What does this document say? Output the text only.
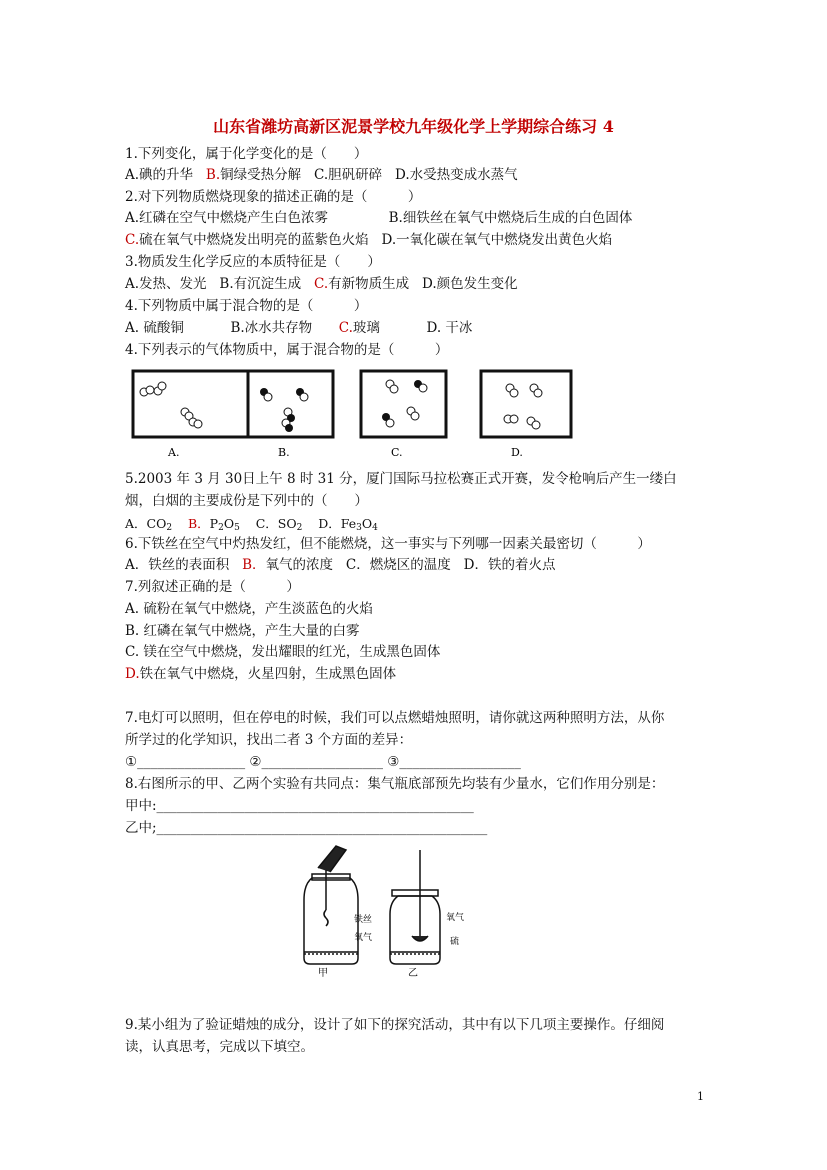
山东省潍坊高新区泥景学校九年级化学上学期综合练习 4
1.下列变化，属于化学变化的是（　　）
A.碘的升华 B.铜绿受热分解 C.胆矾研碎 D.水受热变成水蒸气
2.对下列物质燃烧现象的描述正确的是（　　　）
A.红磷在空气中燃烧产生白色浓雾	B.细铁丝在氧气中燃烧后生成的白色固体
C.硫在氧气中燃烧发出明亮的蓝紫色火焰 D.一氧化碳在氧气中燃烧发出黄色火焰
3.物质发生化学反应的本质特征是（　　）
A.发热、发光 B.有沉淀生成 C.有新物质生成 D.颜色发生变化
4.下列物质中属于混合物的是（　　　）
A. 硫酸铜	B.冰水共存物 C.玻璃	D. 干冰
4.下列表示的气体物质中，属于混合物的是（　　　）
A.	B.	C.	D.
5.2003 年 3 月 30日上午 8 时 31 分，厦门国际马拉松赛正式开赛，发令枪响后产生一缕白
烟，白烟的主要成份是下列中的（　　）
A．$CO_2$ B．$P_2O_5$ C．$SO_2$ D．$Fe_3O_4$
6.下铁丝在空气中灼热发红，但不能燃烧，这一事实与下列哪一因素关最密切（　　　）
A．铁丝的表面积 B．氧气的浓度 C．燃烧区的温度 D．铁的着火点
7.列叙述正确的是（　　　）
A. 硫粉在氧气中燃烧，产生淡蓝色的火焰
B. 红磷在氧气中燃烧，产生大量的白雾
C. 镁在空气中燃烧，发出耀眼的红光，生成黑色固体
D.铁在氧气中燃烧，火星四射，生成黑色固体
7.电灯可以照明，但在停电的时候，我们可以点燃蜡烛照明，请你就这两种照明方法，从你
所学过的化学知识，找出二者 3 个方面的差异：
①________________ ②__________________ ③__________________
8.右图所示的甲、乙两个实验有共同点：集气瓶底部预先均装有少量水，它们作用分别是：
甲中:_______________________________________________
乙中;_________________________________________________
铁丝
氧气
甲
氧气
硫
乙
9.某小组为了验证蜡烛的成分，设计了如下的探究活动，其中有以下几项主要操作。仔细阅
读，认真思考，完成以下填空。
1
